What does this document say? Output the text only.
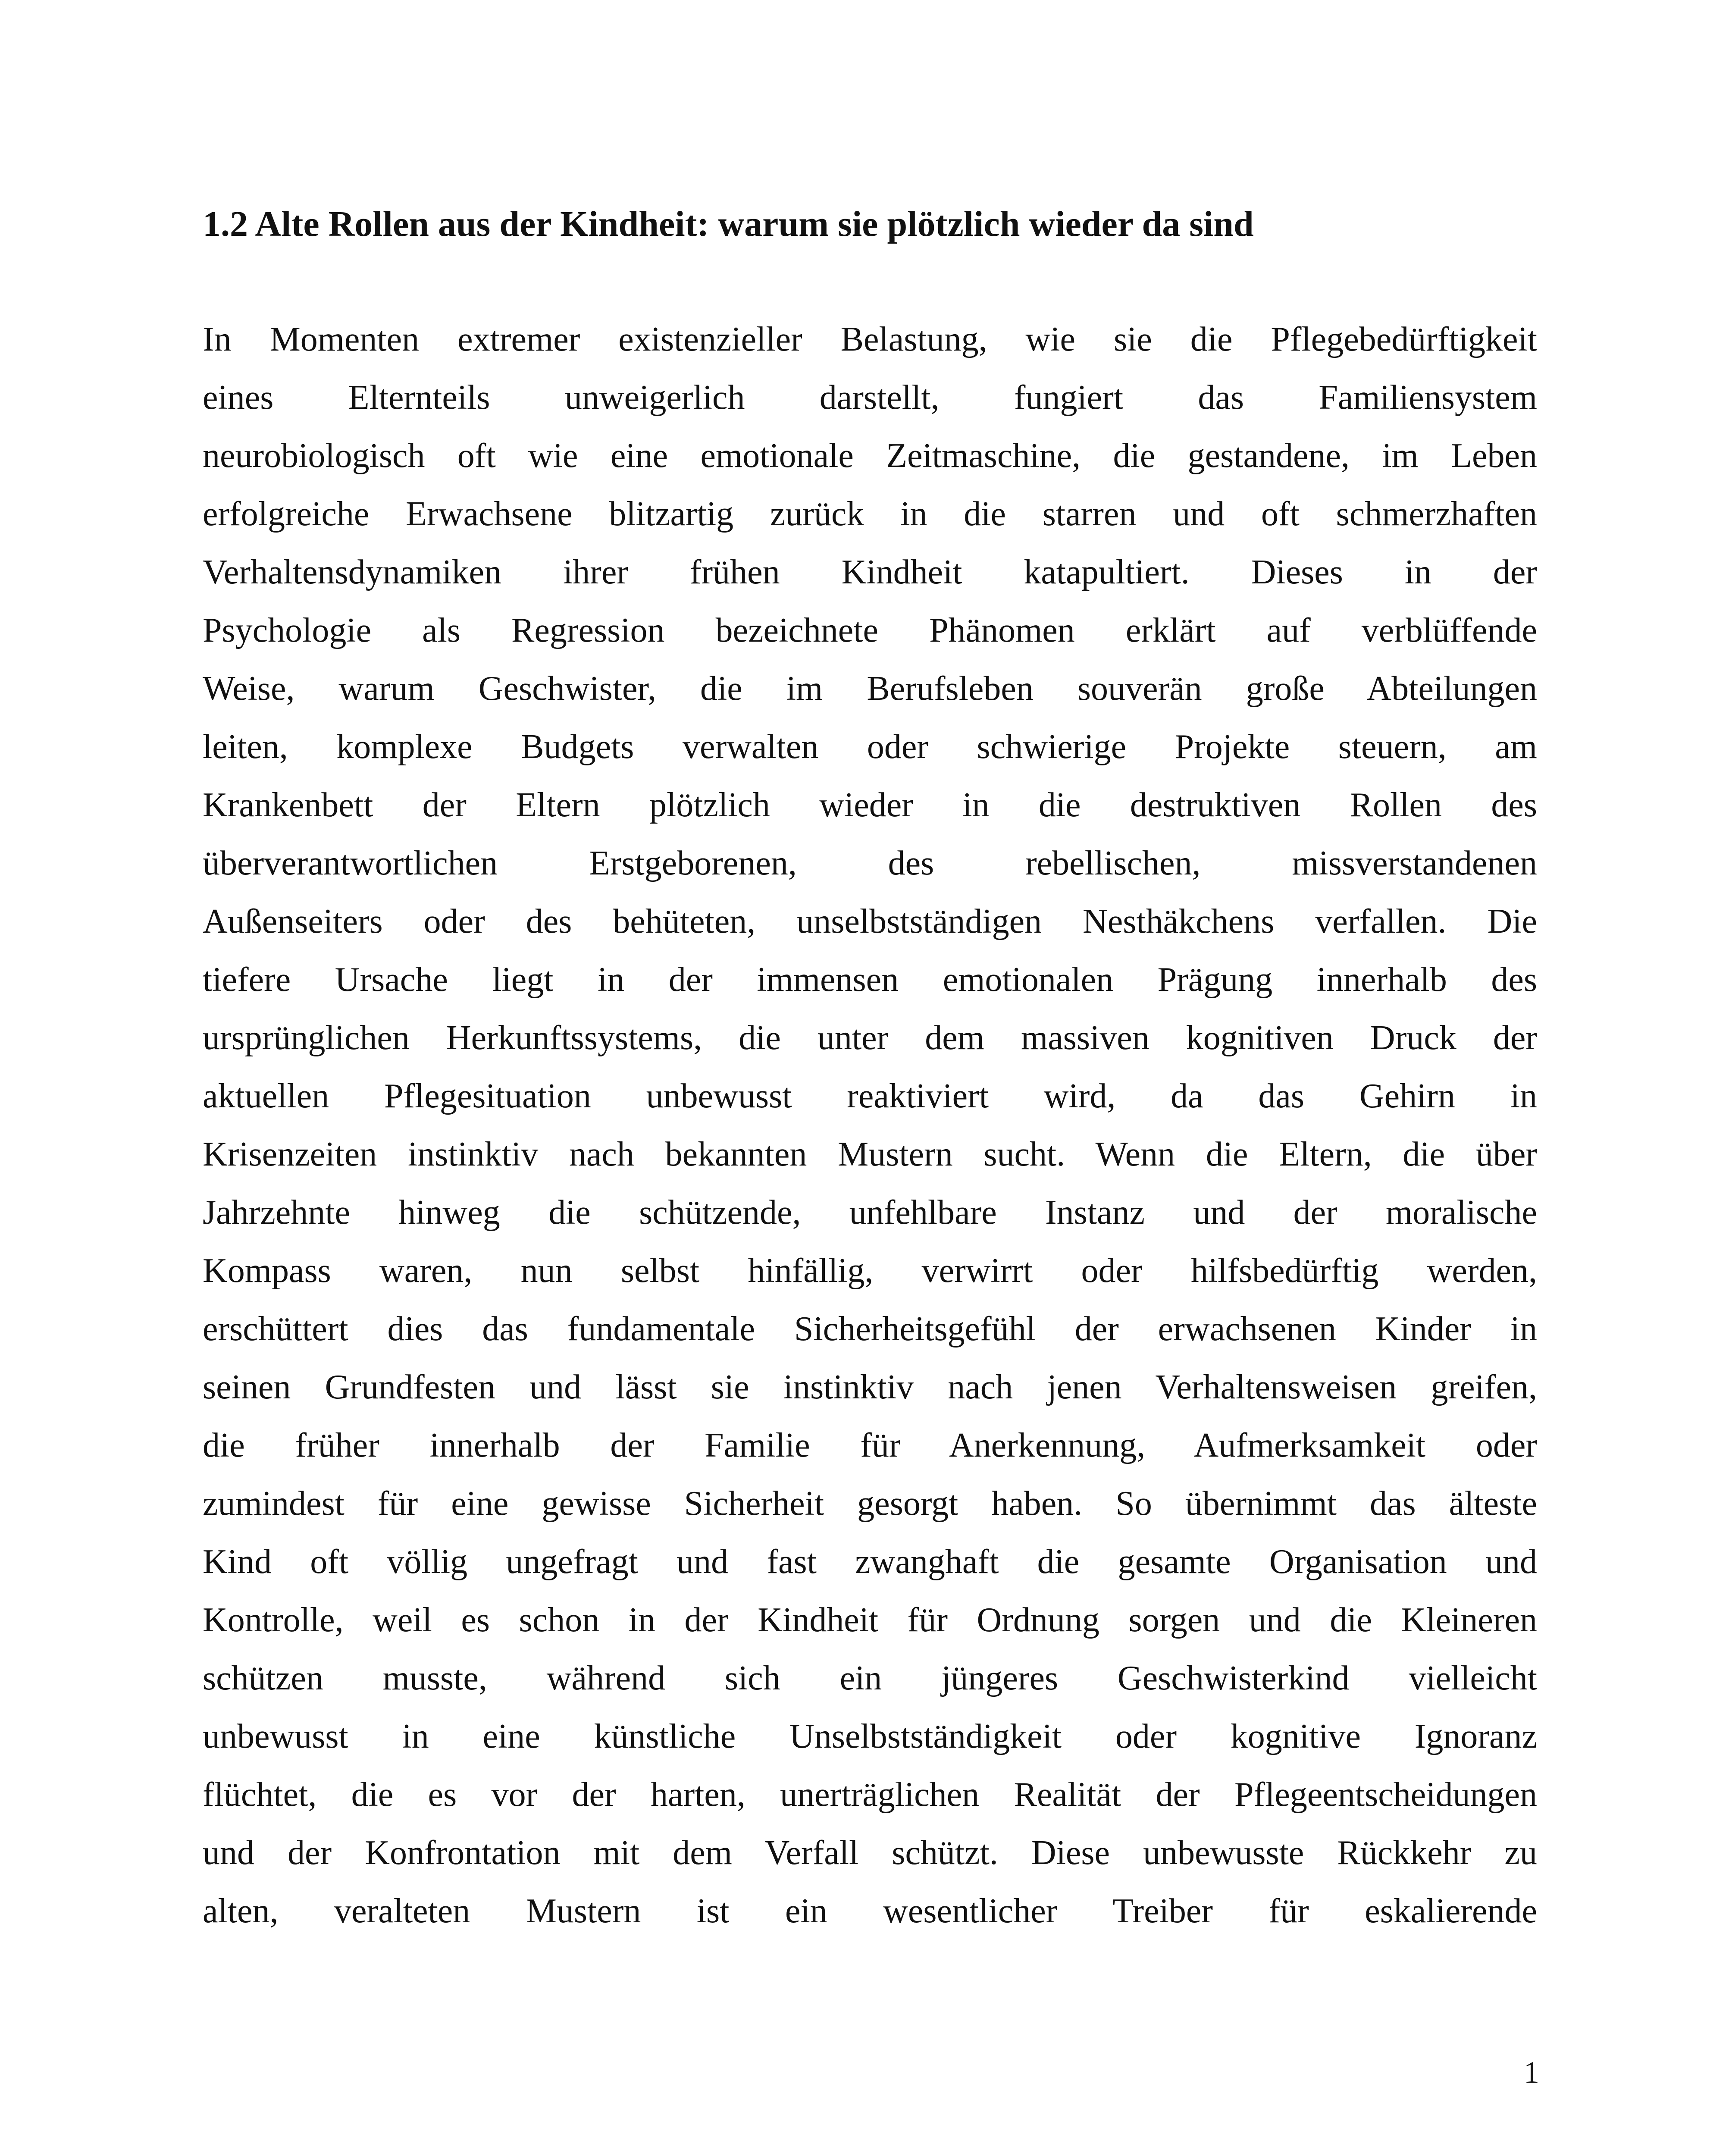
1.2 Alte Rollen aus der Kindheit: warum sie plötzlich wieder da sind
In Momenten extremer existenzieller Belastung, wie sie die Pflegebedürftigkeit
eines Elternteils unweigerlich darstellt, fungiert das Familiensystem
neurobiologisch oft wie eine emotionale Zeitmaschine, die gestandene, im Leben
erfolgreiche Erwachsene blitzartig zurück in die starren und oft schmerzhaften
Verhaltensdynamiken ihrer frühen Kindheit katapultiert. Dieses in der
Psychologie als Regression bezeichnete Phänomen erklärt auf verblüffende
Weise, warum Geschwister, die im Berufsleben souverän große Abteilungen
leiten, komplexe Budgets verwalten oder schwierige Projekte steuern, am
Krankenbett der Eltern plötzlich wieder in die destruktiven Rollen des
überverantwortlichen Erstgeborenen, des rebellischen, missverstandenen
Außenseiters oder des behüteten, unselbstständigen Nesthäkchens verfallen. Die
tiefere Ursache liegt in der immensen emotionalen Prägung innerhalb des
ursprünglichen Herkunftssystems, die unter dem massiven kognitiven Druck der
aktuellen Pflegesituation unbewusst reaktiviert wird, da das Gehirn in
Krisenzeiten instinktiv nach bekannten Mustern sucht. Wenn die Eltern, die über
Jahrzehnte hinweg die schützende, unfehlbare Instanz und der moralische
Kompass waren, nun selbst hinfällig, verwirrt oder hilfsbedürftig werden,
erschüttert dies das fundamentale Sicherheitsgefühl der erwachsenen Kinder in
seinen Grundfesten und lässt sie instinktiv nach jenen Verhaltensweisen greifen,
die früher innerhalb der Familie für Anerkennung, Aufmerksamkeit oder
zumindest für eine gewisse Sicherheit gesorgt haben. So übernimmt das älteste
Kind oft völlig ungefragt und fast zwanghaft die gesamte Organisation und
Kontrolle, weil es schon in der Kindheit für Ordnung sorgen und die Kleineren
schützen musste, während sich ein jüngeres Geschwisterkind vielleicht
unbewusst in eine künstliche Unselbstständigkeit oder kognitive Ignoranz
flüchtet, die es vor der harten, unerträglichen Realität der Pflegeentscheidungen
und der Konfrontation mit dem Verfall schützt. Diese unbewusste Rückkehr zu
alten, veralteten Mustern ist ein wesentlicher Treiber für eskalierende
1
